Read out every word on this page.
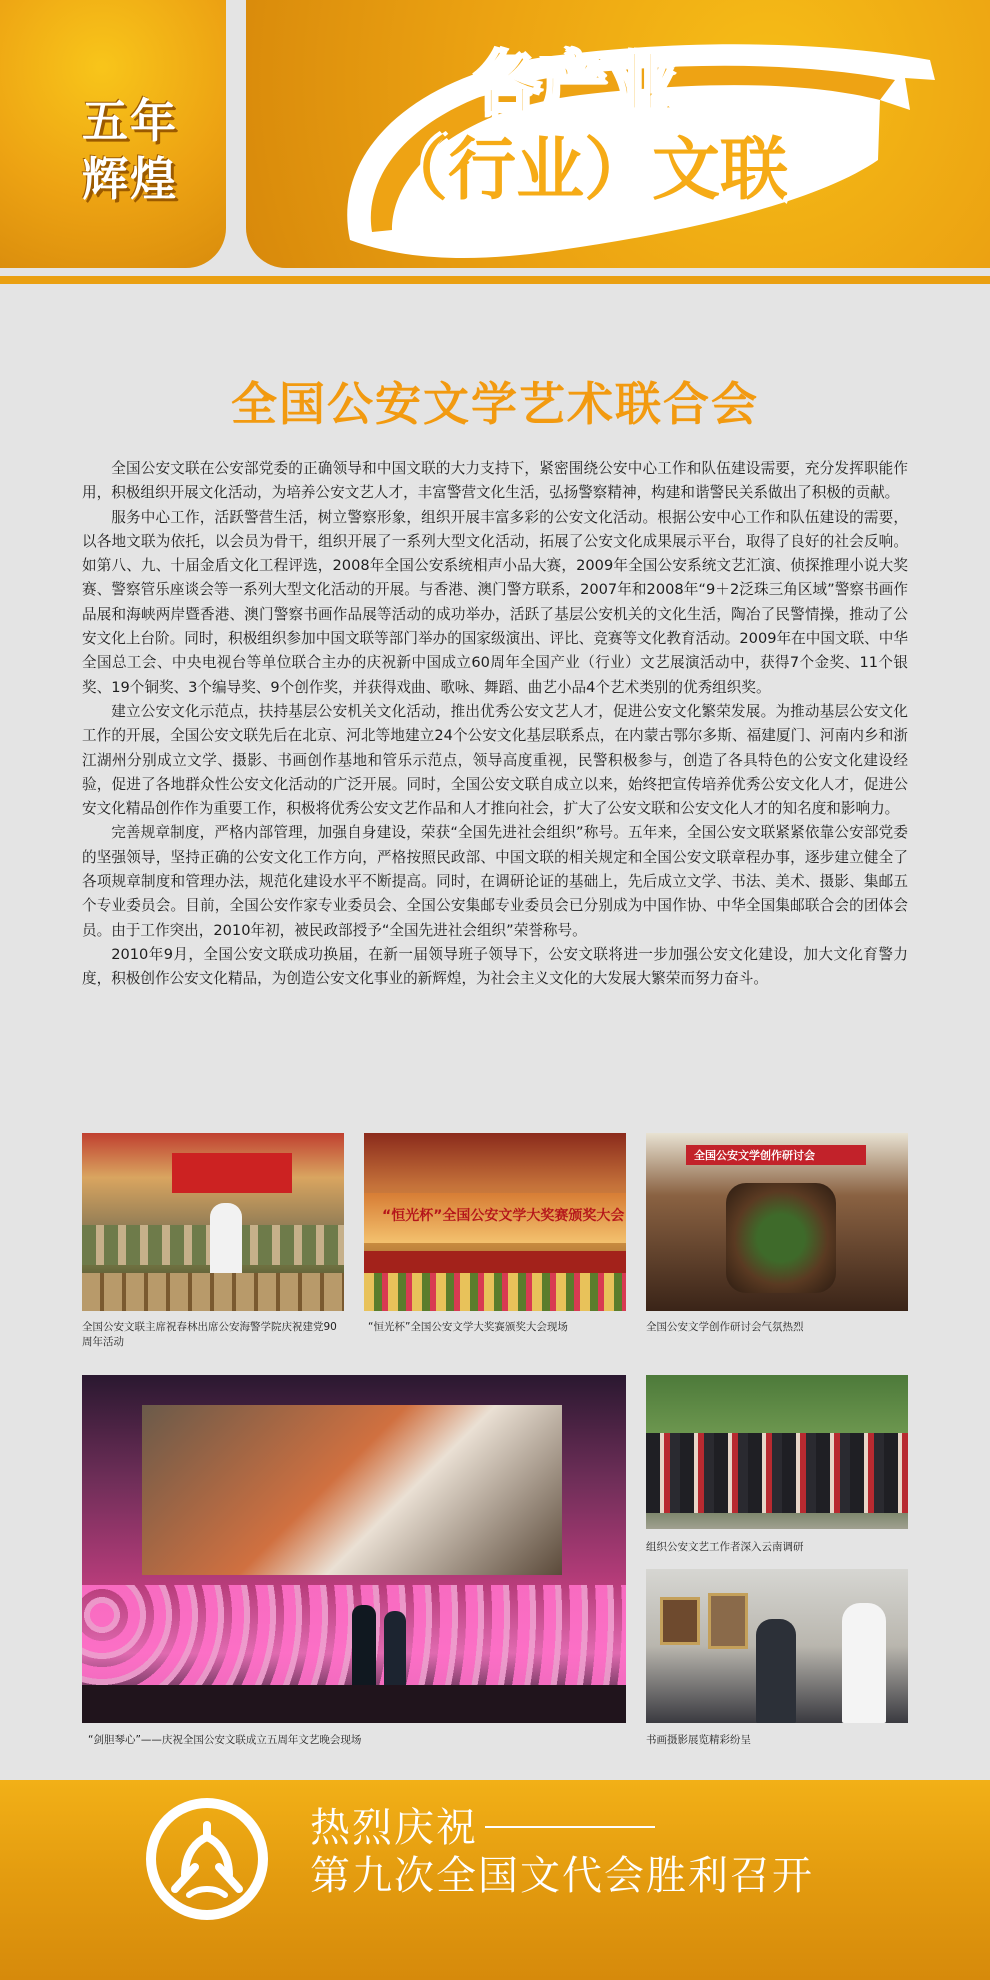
五年
辉煌
各产业
（行业）文联
全国公安文学艺术联合会

全国公安文联在公安部党委的正确领导和中国文联的大力支持下，紧密围绕公安中心工作和队伍建设需要，充分发挥职能作用，积极组织开展文化活动，为培养公安文艺人才，丰富警营文化生活，弘扬警察精神，构建和谐警民关系做出了积极的贡献。

服务中心工作，活跃警营生活，树立警察形象，组织开展丰富多彩的公安文化活动。根据公安中心工作和队伍建设的需要，以各地文联为依托，以会员为骨干，组织开展了一系列大型文化活动，拓展了公安文化成果展示平台，取得了良好的社会反响。如第八、九、十届金盾文化工程评选，2008年全国公安系统相声小品大赛，2009年全国公安系统文艺汇演、侦探推理小说大奖赛、警察管乐座谈会等一系列大型文化活动的开展。与香港、澳门警方联系，2007年和2008年“9＋2泛珠三角区域”警察书画作品展和海峡两岸暨香港、澳门警察书画作品展等活动的成功举办，活跃了基层公安机关的文化生活，陶冶了民警情操，推动了公安文化上台阶。同时，积极组织参加中国文联等部门举办的国家级演出、评比、竞赛等文化教育活动。2009年在中国文联、中华全国总工会、中央电视台等单位联合主办的庆祝新中国成立60周年全国产业（行业）文艺展演活动中，获得7个金奖、11个银奖、19个铜奖、3个编导奖、9个创作奖，并获得戏曲、歌咏、舞蹈、曲艺小品4个艺术类别的优秀组织奖。

建立公安文化示范点，扶持基层公安机关文化活动，推出优秀公安文艺人才，促进公安文化繁荣发展。为推动基层公安文化工作的开展，全国公安文联先后在北京、河北等地建立24个公安文化基层联系点，在内蒙古鄂尔多斯、福建厦门、河南内乡和浙江湖州分别成立文学、摄影、书画创作基地和管乐示范点，领导高度重视，民警积极参与，创造了各具特色的公安文化建设经验，促进了各地群众性公安文化活动的广泛开展。同时，全国公安文联自成立以来，始终把宣传培养优秀公安文化人才，促进公安文化精品创作作为重要工作，积极将优秀公安文艺作品和人才推向社会，扩大了公安文联和公安文化人才的知名度和影响力。

完善规章制度，严格内部管理，加强自身建设，荣获“全国先进社会组织”称号。五年来，全国公安文联紧紧依靠公安部党委的坚强领导，坚持正确的公安文化工作方向，严格按照民政部、中国文联的相关规定和全国公安文联章程办事，逐步建立健全了各项规章制度和管理办法，规范化建设水平不断提高。同时，在调研论证的基础上，先后成立文学、书法、美术、摄影、集邮五个专业委员会。目前，全国公安作家专业委员会、全国公安集邮专业委员会已分别成为中国作协、中华全国集邮联合会的团体会员。由于工作突出，2010年初，被民政部授予“全国先进社会组织”荣誉称号。

2010年9月，全国公安文联成功换届，在新一届领导班子领导下，公安文联将进一步加强公安文化建设，加大文化育警力度，积极创作公安文化精品，为创造公安文化事业的新辉煌，为社会主义文化的大发展大繁荣而努力奋斗。

全国公安文联主席祝春林出席公安海警学院庆祝建党90周年活动
“恒光杯”全国公安文学大奖赛颁奖大会
“恒光杯”全国公安文学大奖赛颁奖大会现场
全国公安文学创作研讨会
全国公安文学创作研讨会气氛热烈
“剑胆琴心”——庆祝全国公安文联成立五周年文艺晚会现场
组织公安文艺工作者深入云南调研
书画摄影展览精彩纷呈
热烈庆祝
第九次全国文代会胜利召开
